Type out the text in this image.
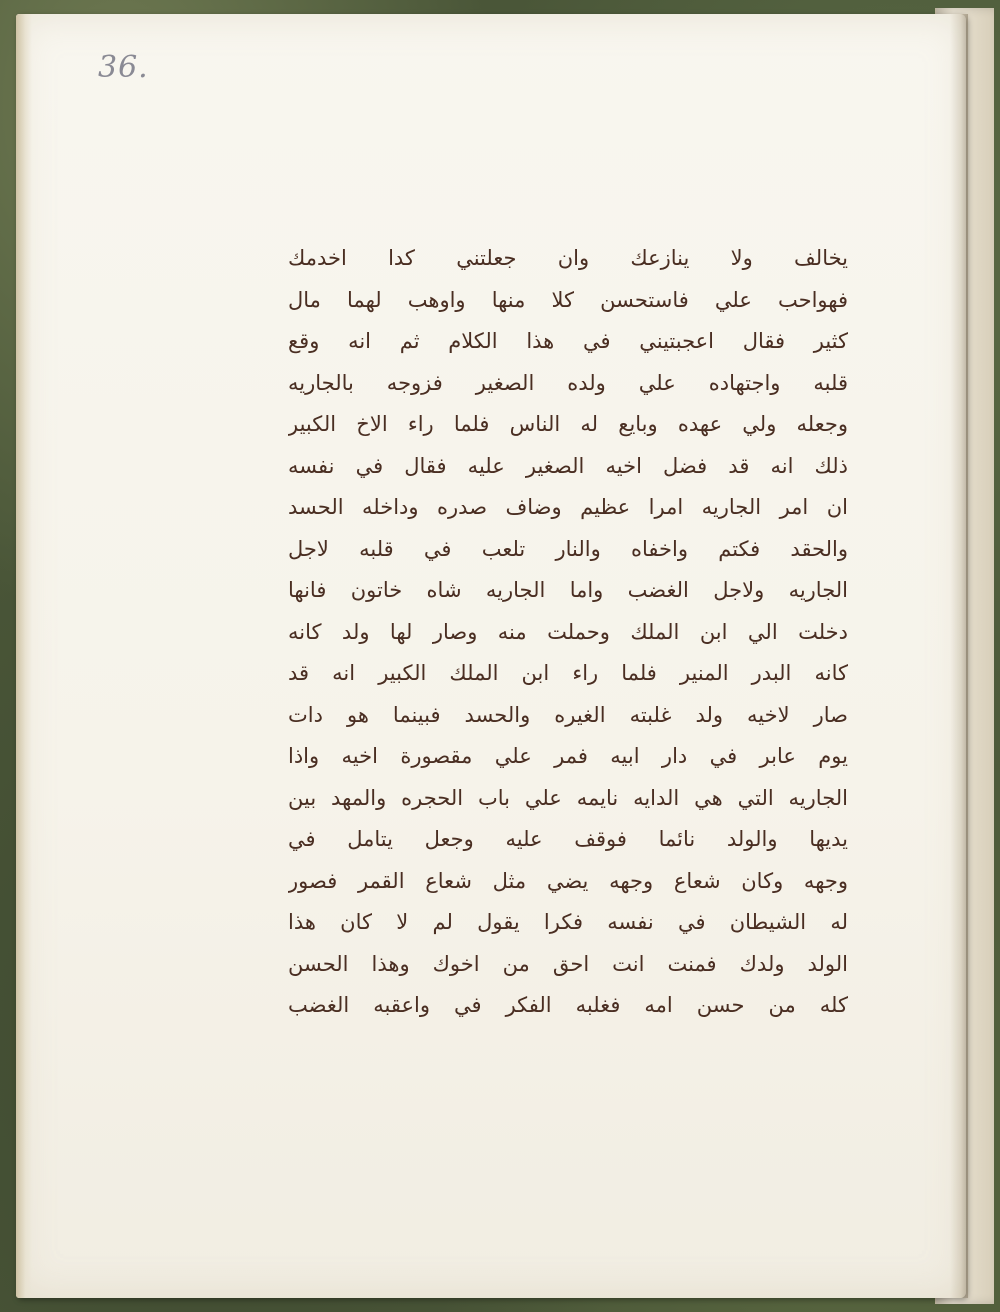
36.
يخالف ولا ينازعك وان جعلتني كدا اخدمك
فهواحب علي فاستحسن كلا منها واوهب لهما مال
كثير فقال اعجبتيني في هذا الكلام ثم انه وقع
قلبه واجتهاده علي ولده الصغير فزوجه بالجاريه
وجعله ولي عهده وبايع له الناس فلما راء الاخ الكبير
ذلك انه قد فضل اخيه الصغير عليه فقال في نفسه
ان امر الجاريه امرا عظيم وضاف صدره وداخله الحسد
والحقد فكتم واخفاه والنار تلعب في قلبه لاجل
الجاريه ولاجل الغضب واما الجاريه شاه خاتون فانها
دخلت الي ابن الملك وحملت منه وصار لها ولد كانه
كانه البدر المنير فلما راء ابن الملك الكبير انه قد
صار لاخيه ولد غلبته الغيره والحسد فبينما هو دات
يوم عابر في دار ابيه فمر علي مقصورة اخيه واذا
الجاريه التي هي الدايه نايمه علي باب الحجره والمهد بين
يديها والولد نائما فوقف عليه وجعل يتامل في
وجهه وكان شعاع وجهه يضي مثل شعاع القمر فصور
له الشيطان في نفسه فكرا يقول لم لا كان هذا
الولد ولدك فمنت انت احق من اخوك وهذا الحسن
كله من حسن امه فغلبه الفكر في واعقبه الغضب
